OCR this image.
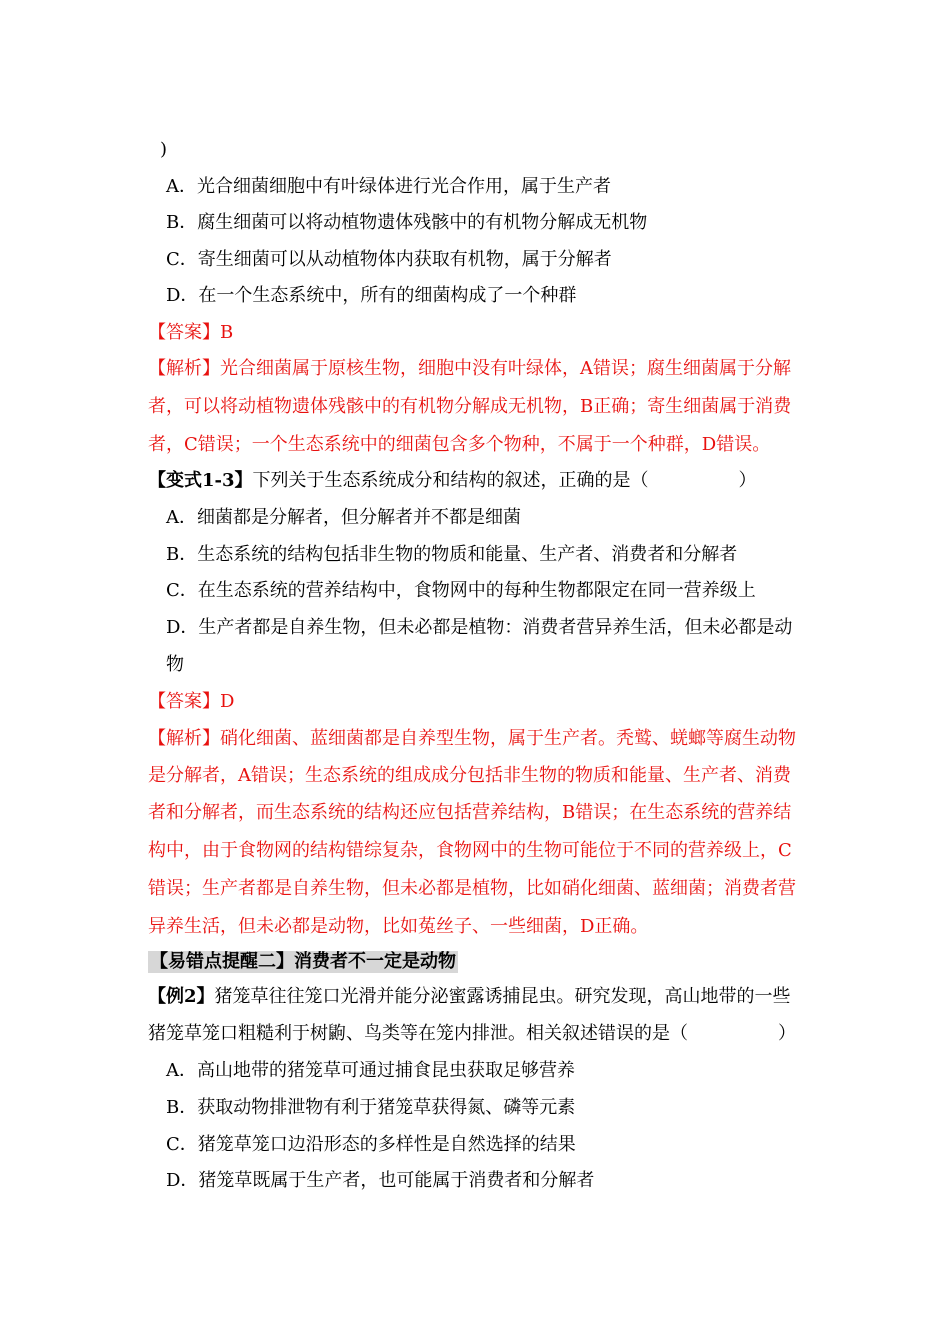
)
A．光合细菌细胞中有叶绿体进行光合作用，属于生产者
B．腐生细菌可以将动植物遗体残骸中的有机物分解成无机物
C．寄生细菌可以从动植物体内获取有机物，属于分解者
D．在一个生态系统中，所有的细菌构成了一个种群
【答案】B
【解析】光合细菌属于原核生物，细胞中没有叶绿体，A错误；腐生细菌属于分解
者，可以将动植物遗体残骸中的有机物分解成无机物，B正确；寄生细菌属于消费
者，C错误；一个生态系统中的细菌包含多个物种，不属于一个种群，D错误。
【变式1-3】下列关于生态系统成分和结构的叙述，正确的是（　　　　　）
A．细菌都是分解者，但分解者并不都是细菌
B．生态系统的结构包括非生物的物质和能量、生产者、消费者和分解者
C．在生态系统的营养结构中，食物网中的每种生物都限定在同一营养级上
D．生产者都是自养生物，但未必都是植物：消费者营异养生活，但未必都是动
物
【答案】D
【解析】硝化细菌、蓝细菌都是自养型生物，属于生产者。秃鹫、蜣螂等腐生动物
是分解者，A错误；生态系统的组成成分包括非生物的物质和能量、生产者、消费
者和分解者，而生态系统的结构还应包括营养结构，B错误；在生态系统的营养结
构中，由于食物网的结构错综复杂，食物网中的生物可能位于不同的营养级上，C
错误；生产者都是自养生物，但未必都是植物，比如硝化细菌、蓝细菌；消费者营
异养生活，但未必都是动物，比如菟丝子、一些细菌，D正确。
【易错点提醒二】消费者不一定是动物
【例2】猪笼草往往笼口光滑并能分泌蜜露诱捕昆虫。研究发现，高山地带的一些
猪笼草笼口粗糙利于树鼩、鸟类等在笼内排泄。相关叙述错误的是（　　　　　）
A．高山地带的猪笼草可通过捕食昆虫获取足够营养
B．获取动物排泄物有利于猪笼草获得氮、磷等元素
C．猪笼草笼口边沿形态的多样性是自然选择的结果
D．猪笼草既属于生产者，也可能属于消费者和分解者
